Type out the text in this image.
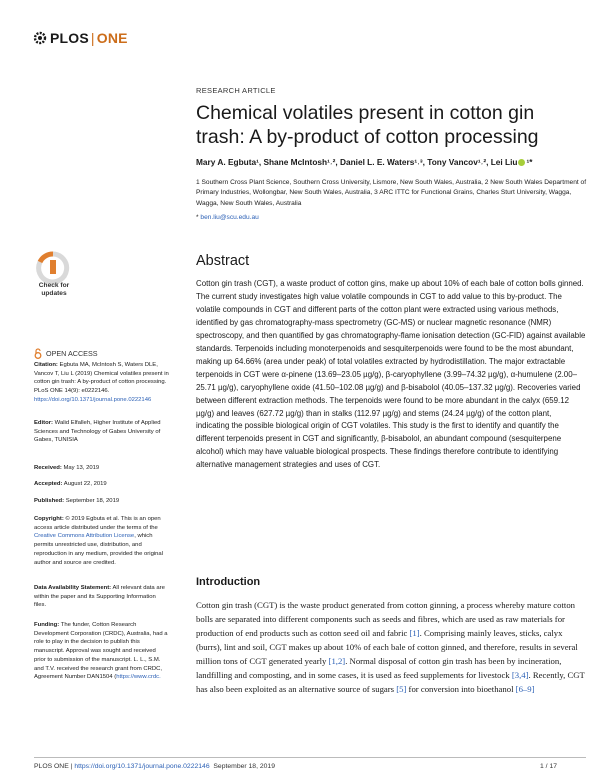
PLOS | ONE
RESEARCH ARTICLE
Chemical volatiles present in cotton gin trash: A by-product of cotton processing
Mary A. Egbuta¹, Shane McIntosh¹˒², Daniel L. E. Waters¹˒³, Tony Vancov¹˒², Lei Liu ¹*
1 Southern Cross Plant Science, Southern Cross University, Lismore, New South Wales, Australia, 2 New South Wales Department of Primary Industries, Wollongbar, New South Wales, Australia, 3 ARC ITTC for Functional Grains, Charles Sturt University, Wagga, Wagga, New South Wales, Australia
* ben.liu@scu.edu.au
Check for updates
OPEN ACCESS
Citation: Egbuta MA, McIntosh S, Waters DLE, Vancov T, Liu L (2019) Chemical volatiles present in cotton gin trash: A by-product of cotton processing. PLoS ONE 14(9): e0222146. https://doi.org/10.1371/journal.pone.0222146
Editor: Walid Elfalleh, Higher Institute of Applied Sciences and Technology of Gabes University of Gabes, TUNISIA
Received: May 13, 2019
Accepted: August 22, 2019
Published: September 18, 2019
Copyright: © 2019 Egbuta et al. This is an open access article distributed under the terms of the Creative Commons Attribution License, which permits unrestricted use, distribution, and reproduction in any medium, provided the original author and source are credited.
Data Availability Statement: All relevant data are within the paper and its Supporting Information files.
Funding: The funder, Cotton Research Development Corporation (CRDC), Australia, had a role to play in the decision to publish this manuscript. Approval was sought and received prior to submission of the manuscript. L. L., S.M. and T.V. received the research grant from CRDC, Agreement Number DAN1504 (https://www.crdc.
Abstract
Cotton gin trash (CGT), a waste product of cotton gins, make up about 10% of each bale of cotton bolls ginned. The current study investigates high value volatile compounds in CGT to add value to this by-product. The volatile compounds in CGT and different parts of the cotton plant were extracted using various methods, identified by gas chromatography-mass spectrometry (GC-MS) or nuclear magnetic resonance (NMR) spectroscopy, and then quantified by gas chromatography-flame ionisation detection (GC-FID) against available standards. Terpenoids including monoterpenoids and sesquiterpenoids were found to be the most abundant, making up 64.66% (area under peak) of total volatiles extracted by hydrodistillation. The major extractable terpenoids in CGT were α-pinene (13.69–23.05 µg/g), β-caryophyllene (3.99–74.32 µg/g), α-humulene (2.00–25.71 µg/g), caryophyllene oxide (41.50–102.08 µg/g) and β-bisabolol (40.05–137.32 µg/g). Recoveries varied between different extraction methods. The terpenoids were found to be more abundant in the calyx (659.12 µg/g) and leaves (627.72 µg/g) than in stalks (112.97 µg/g) and stems (24.24 µg/g) of the cotton plant, indicating the possible biological origin of CGT volatiles. This study is the first to identify and quantify the different terpenoids present in CGT and significantly, β-bisabolol, an abundant compound (sesquiterpene alcohol) which may have valuable biological prospects. These findings therefore contribute to identifying alternative management strategies and uses of CGT.
Introduction
Cotton gin trash (CGT) is the waste product generated from cotton ginning, a process whereby mature cotton bolls are separated into different components such as seeds and fibres, which are used as raw materials for production of end products such as cotton seed oil and fabric [1]. Comprising mainly leaves, sticks, calyx (burrs), lint and soil, CGT makes up about 10% of each bale of cotton ginned, and therefore, results in several million tons of CGT generated yearly [1,2]. Normal disposal of cotton gin trash has been by incineration, landfilling and composting, and in some cases, it is used as feed supplements for livestock [3,4]. Recently, CGT has also been exploited as an alternative source of sugars [5] for conversion into bioethanol [6–9]
PLOS ONE | https://doi.org/10.1371/journal.pone.0222146 September 18, 2019	1 / 17
